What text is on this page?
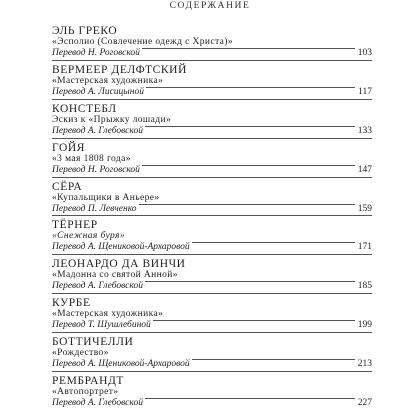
СОДЕРЖАНИЕ
ЭЛЬ ГРЕКО
«Эсполио (Совлечение одежд с Христа)»
Перевод Н. Роговской	103
ВЕРМЕЕР ДЕЛФТСКИЙ
«Мастерская художника»
Перевод А. Лисицыной	117
КОНСТЕБЛ
Эскиз к «Прыжку лошади»
Перевод А. Глебовской	133
ГОЙЯ
«3 мая 1808 года»
Перевод Н. Роговской	147
СЁРА
«Купальщики в Аньере»
Перевод П. Левченко	159
ТЁРНЕР
«Снежная буря»
Перевод А. Щениковой-Архаровой	171
ЛЕОНАРДО ДА ВИНЧИ
«Мадонна со святой Анной»
Перевод А. Глебовской	185
КУРБЕ
«Мастерская художника»
Перевод Т. Шушлебиной	199
БОТТИЧЕЛЛИ
«Рождество»
Перевод А. Щениковой-Архаровой	213
РЕМБРАНДТ
«Автопортрет»
Перевод А. Глебовской	227
